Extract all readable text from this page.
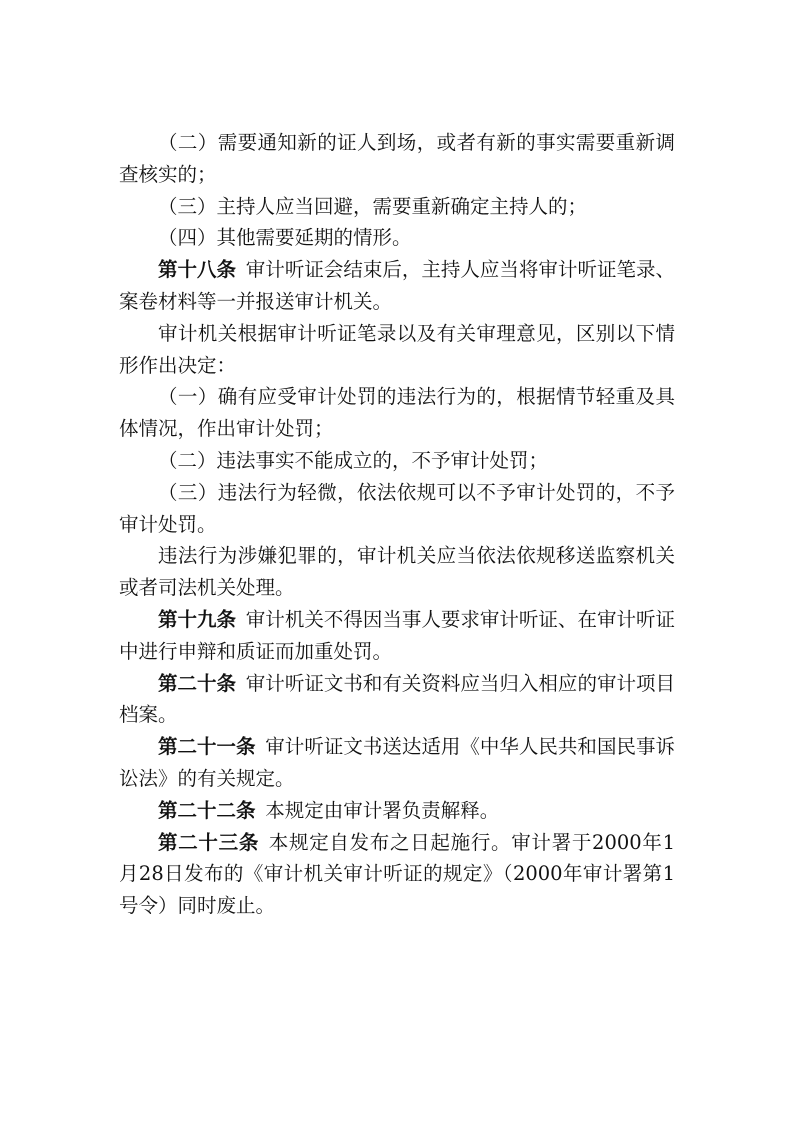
（二）需要通知新的证人到场，或者有新的事实需要重新调查核实的；

（三）主持人应当回避，需要重新确定主持人的；

（四）其他需要延期的情形。

第十八条 审计听证会结束后，主持人应当将审计听证笔录、案卷材料等一并报送审计机关。

审计机关根据审计听证笔录以及有关审理意见，区别以下情形作出决定：

（一）确有应受审计处罚的违法行为的，根据情节轻重及具体情况，作出审计处罚；

（二）违法事实不能成立的，不予审计处罚；

（三）违法行为轻微，依法依规可以不予审计处罚的，不予审计处罚。

违法行为涉嫌犯罪的，审计机关应当依法依规移送监察机关或者司法机关处理。

第十九条 审计机关不得因当事人要求审计听证、在审计听证中进行申辩和质证而加重处罚。

第二十条 审计听证文书和有关资料应当归入相应的审计项目档案。

第二十一条 审计听证文书送达适用《中华人民共和国民事诉讼法》的有关规定。

第二十二条 本规定由审计署负责解释。

第二十三条 本规定自发布之日起施行。审计署于2000年1月28日发布的《审计机关审计听证的规定》（2000年审计署第1号令）同时废止。
